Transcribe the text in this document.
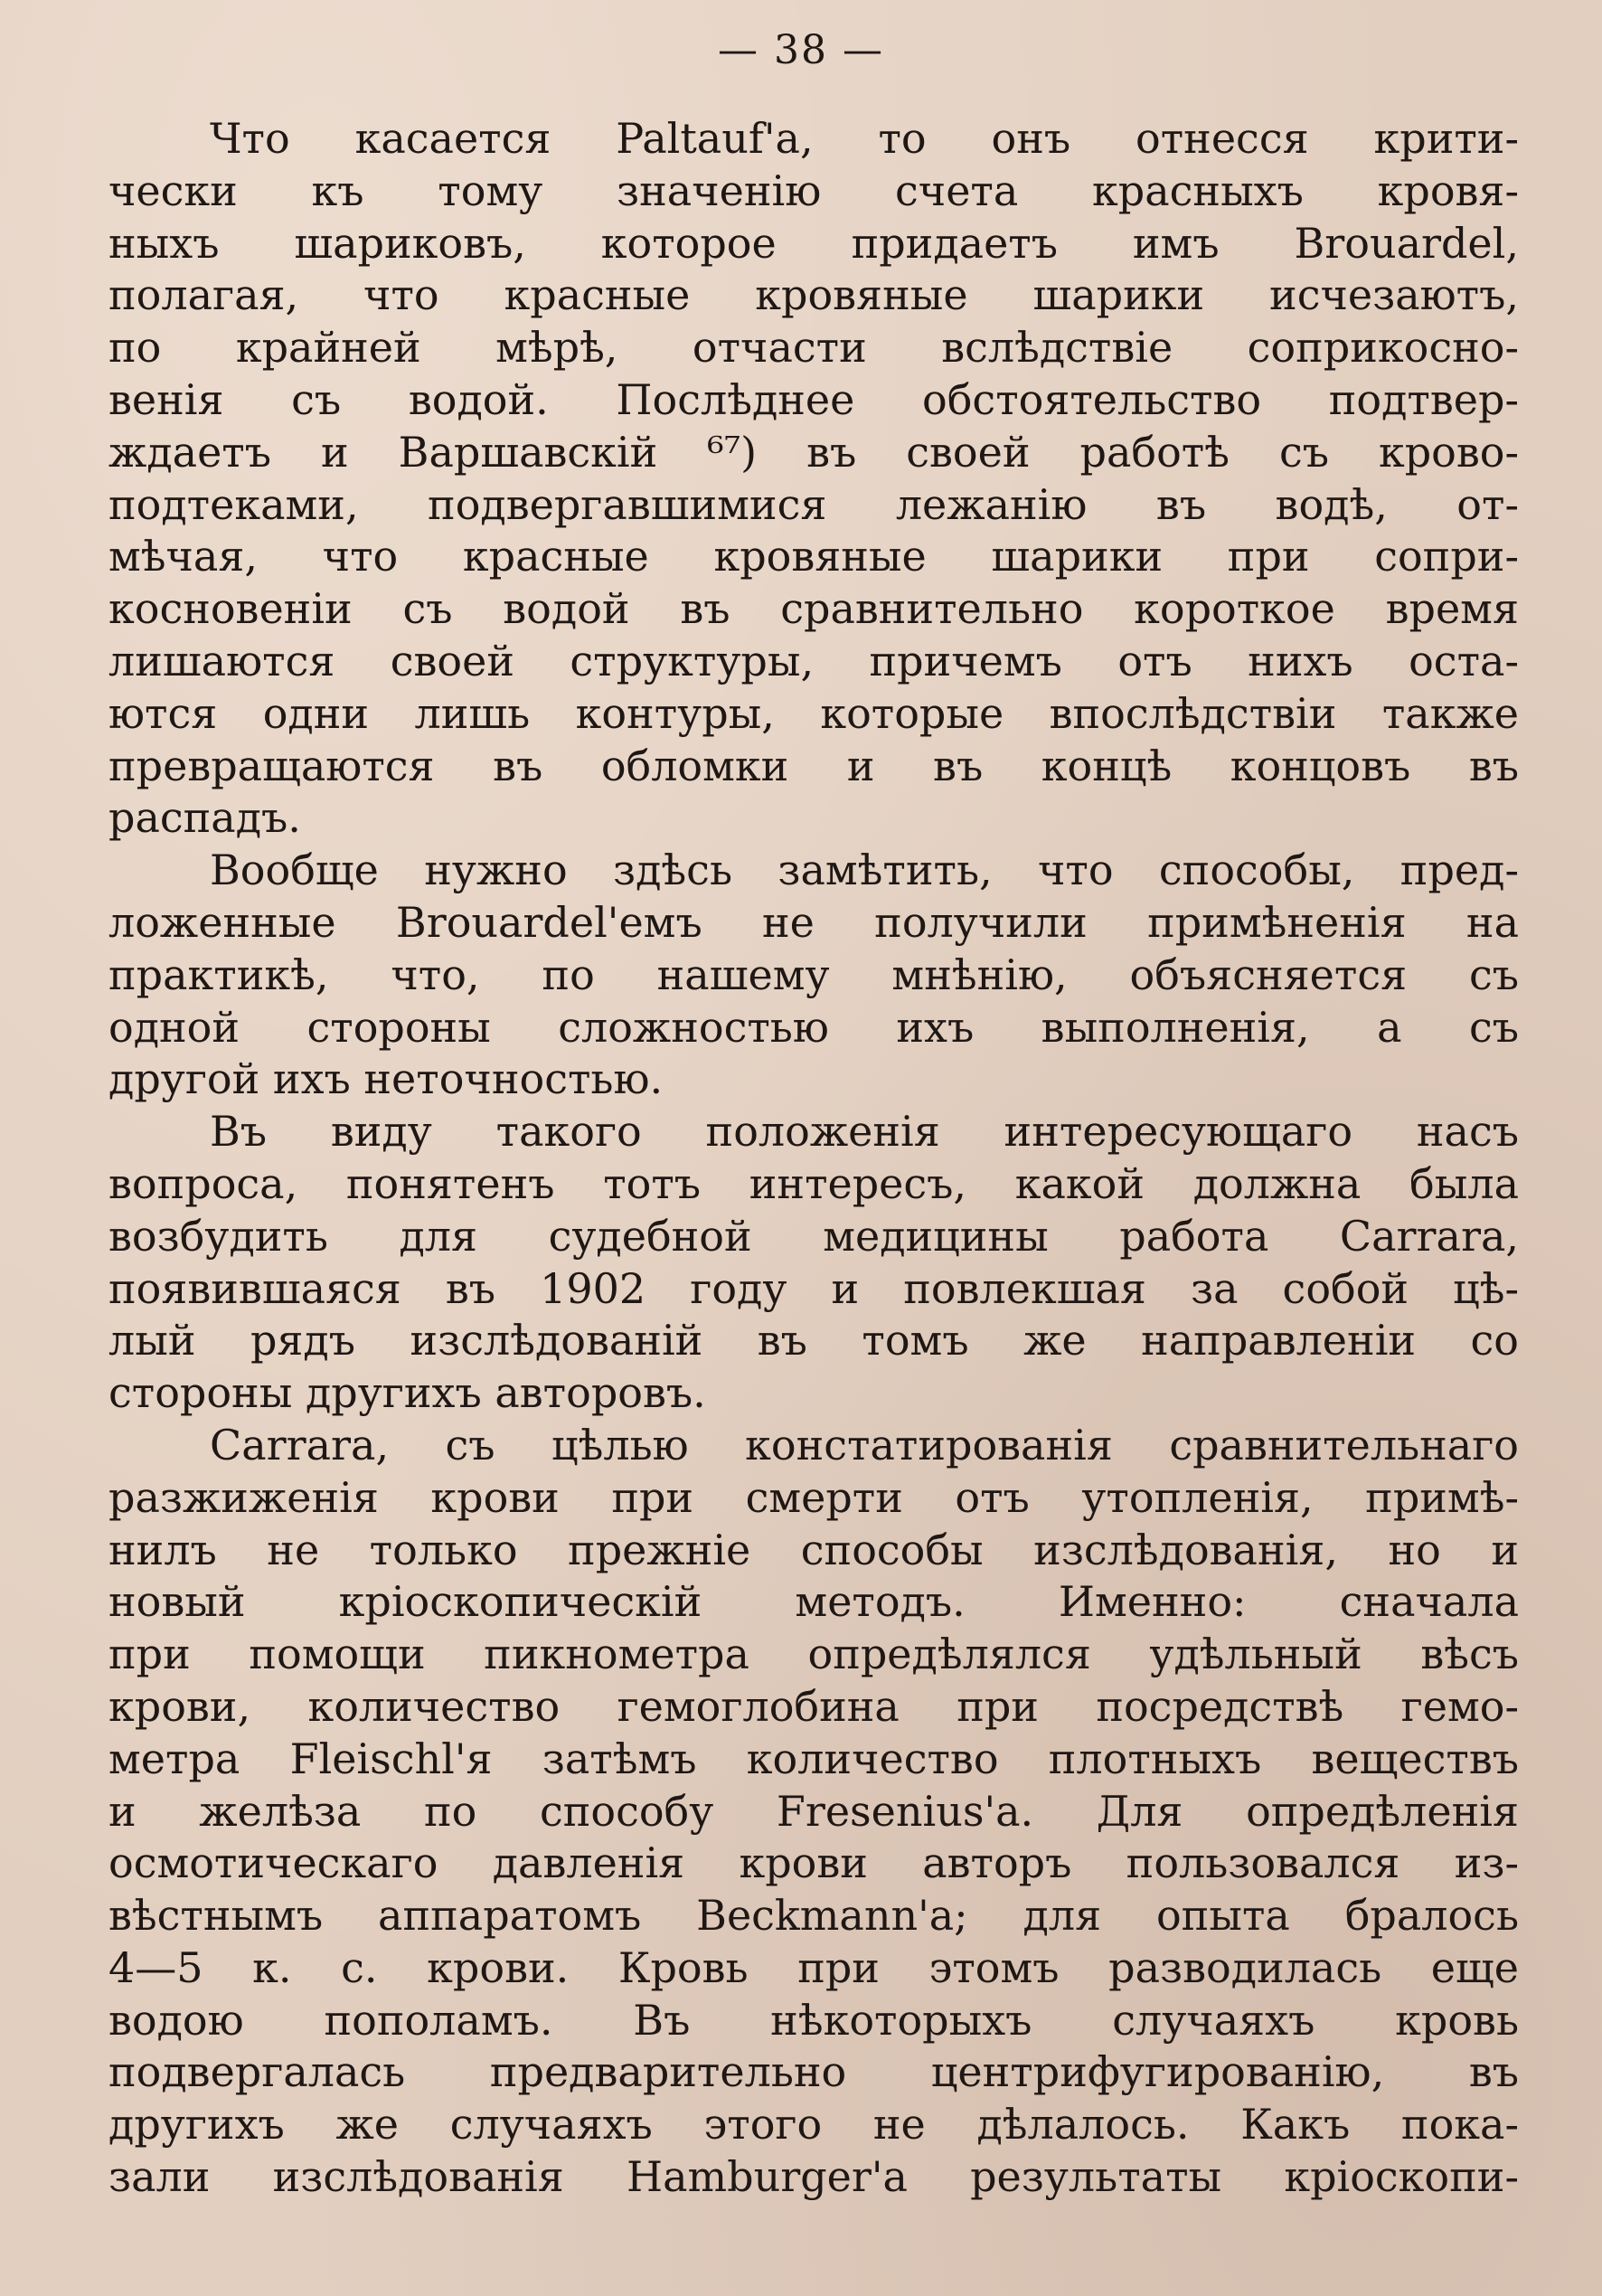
— 38 —
Что касается Paltauf'a, то онъ отнесся крити-
чески къ тому значенію счета красныхъ кровя-
ныхъ шариковъ, которое придаетъ имъ Brouardel,
полагая, что красные кровяные шарики исчезаютъ,
по крайней мѣрѣ, отчасти вслѣдствіе соприкосно-
венія съ водой. Послѣднее обстоятельство подтвер-
ждаетъ и Варшавскій ⁶⁷) въ своей работѣ съ крово-
подтеками, подвергавшимися лежанію въ водѣ, от-
мѣчая, что красные кровяные шарики при сопри-
косновеніи съ водой въ сравнительно короткое время
лишаются своей структуры, причемъ отъ нихъ оста-
ются одни лишь контуры, которые впослѣдствіи также
превращаются въ обломки и въ концѣ концовъ въ
распадъ.
Вообще нужно здѣсь замѣтить, что способы, пред-
ложенные Brouardel'емъ не получили примѣненія на
практикѣ, что, по нашему мнѣнію, объясняется съ
одной стороны сложностью ихъ выполненія, а съ
другой ихъ неточностью.
Въ виду такого положенія интересующаго насъ
вопроса, понятенъ тотъ интересъ, какой должна была
возбудить для судебной медицины работа Carrara,
появившаяся въ 1902 году и повлекшая за собой цѣ-
лый рядъ изслѣдованій въ томъ же направленіи со
стороны другихъ авторовъ.
Carrara, съ цѣлью констатированія сравнительнаго
разжиженія крови при смерти отъ утопленія, примѣ-
нилъ не только прежніе способы изслѣдованія, но и
новый кріоскопическій методъ. Именно: сначала
при помощи пикнометра опредѣлялся удѣльный вѣсъ
крови, количество гемоглобина при посредствѣ гемо-
метра Fleischl'я затѣмъ количество плотныхъ веществъ
и желѣза по способу Fresenius'a. Для опредѣленія
осмотическаго давленія крови авторъ пользовался из-
вѣстнымъ аппаратомъ Beckmann'a; для опыта бралось
4—5 к. с. крови. Кровь при этомъ разводилась еще
водою пополамъ. Въ нѣкоторыхъ случаяхъ кровь
подвергалась предварительно центрифугированію, въ
другихъ же случаяхъ этого не дѣлалось. Какъ пока-
зали изслѣдованія Hamburger'a результаты кріоскопи-
